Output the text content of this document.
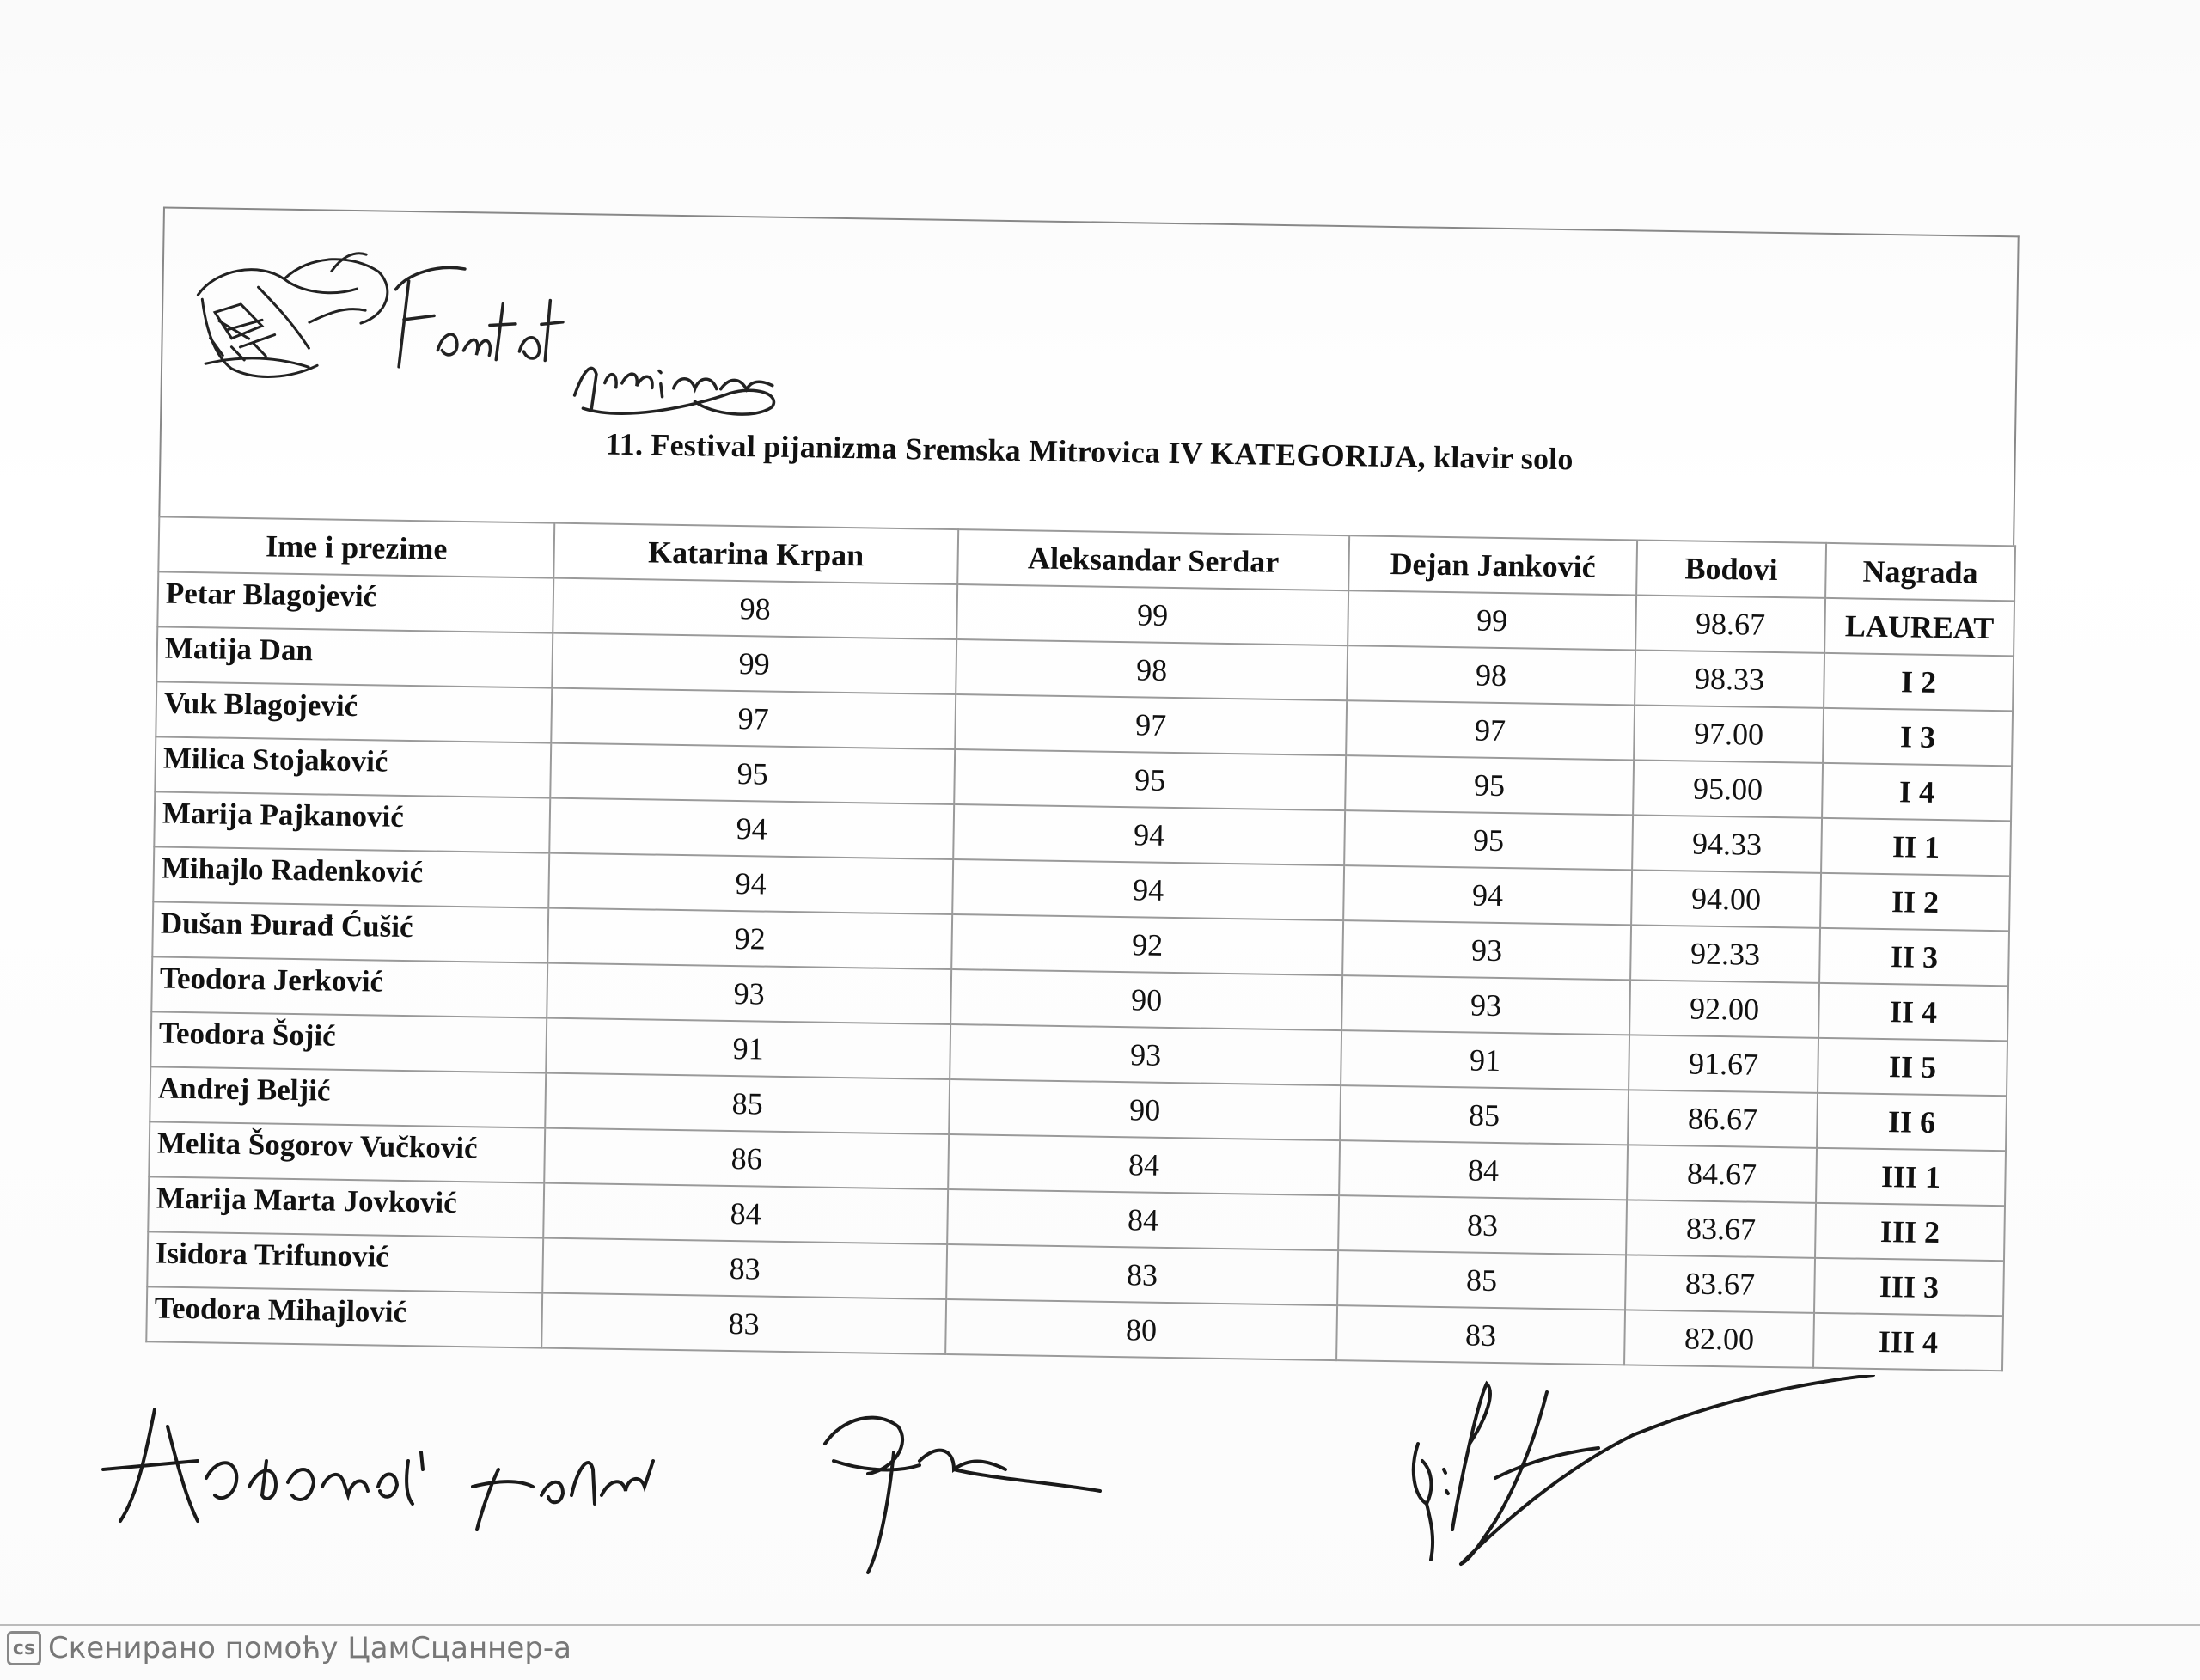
11. Festival pijanizma Sremska Mitrovica IV KATEGORIJA, klavir solo
Ime i prezime	Katarina Krpan	Aleksandar Serdar	Dejan Janković	Bodovi	Nagrada
Petar Blagojević	98	99	99	98.67	LAUREAT
Matija Dan	99	98	98	98.33	I 2
Vuk Blagojević	97	97	97	97.00	I 3
Milica Stojaković	95	95	95	95.00	I 4
Marija Pajkanović	94	94	95	94.33	II 1
Mihajlo Radenković	94	94	94	94.00	II 2
Dušan Đurađ Ćušić	92	92	93	92.33	II 3
Teodora Jerković	93	90	93	92.00	II 4
Teodora Šojić	91	93	91	91.67	II 5
Andrej Beljić	85	90	85	86.67	II 6
Melita Šogorov Vučković	86	84	84	84.67	III 1
Marija Marta Jovković	84	84	83	83.67	III 2
Isidora Trifunović	83	83	85	83.67	III 3
Teodora Mihajlović	83	80	83	82.00	III 4
cs Скенирано помоћу ЦамСцаннер-а
